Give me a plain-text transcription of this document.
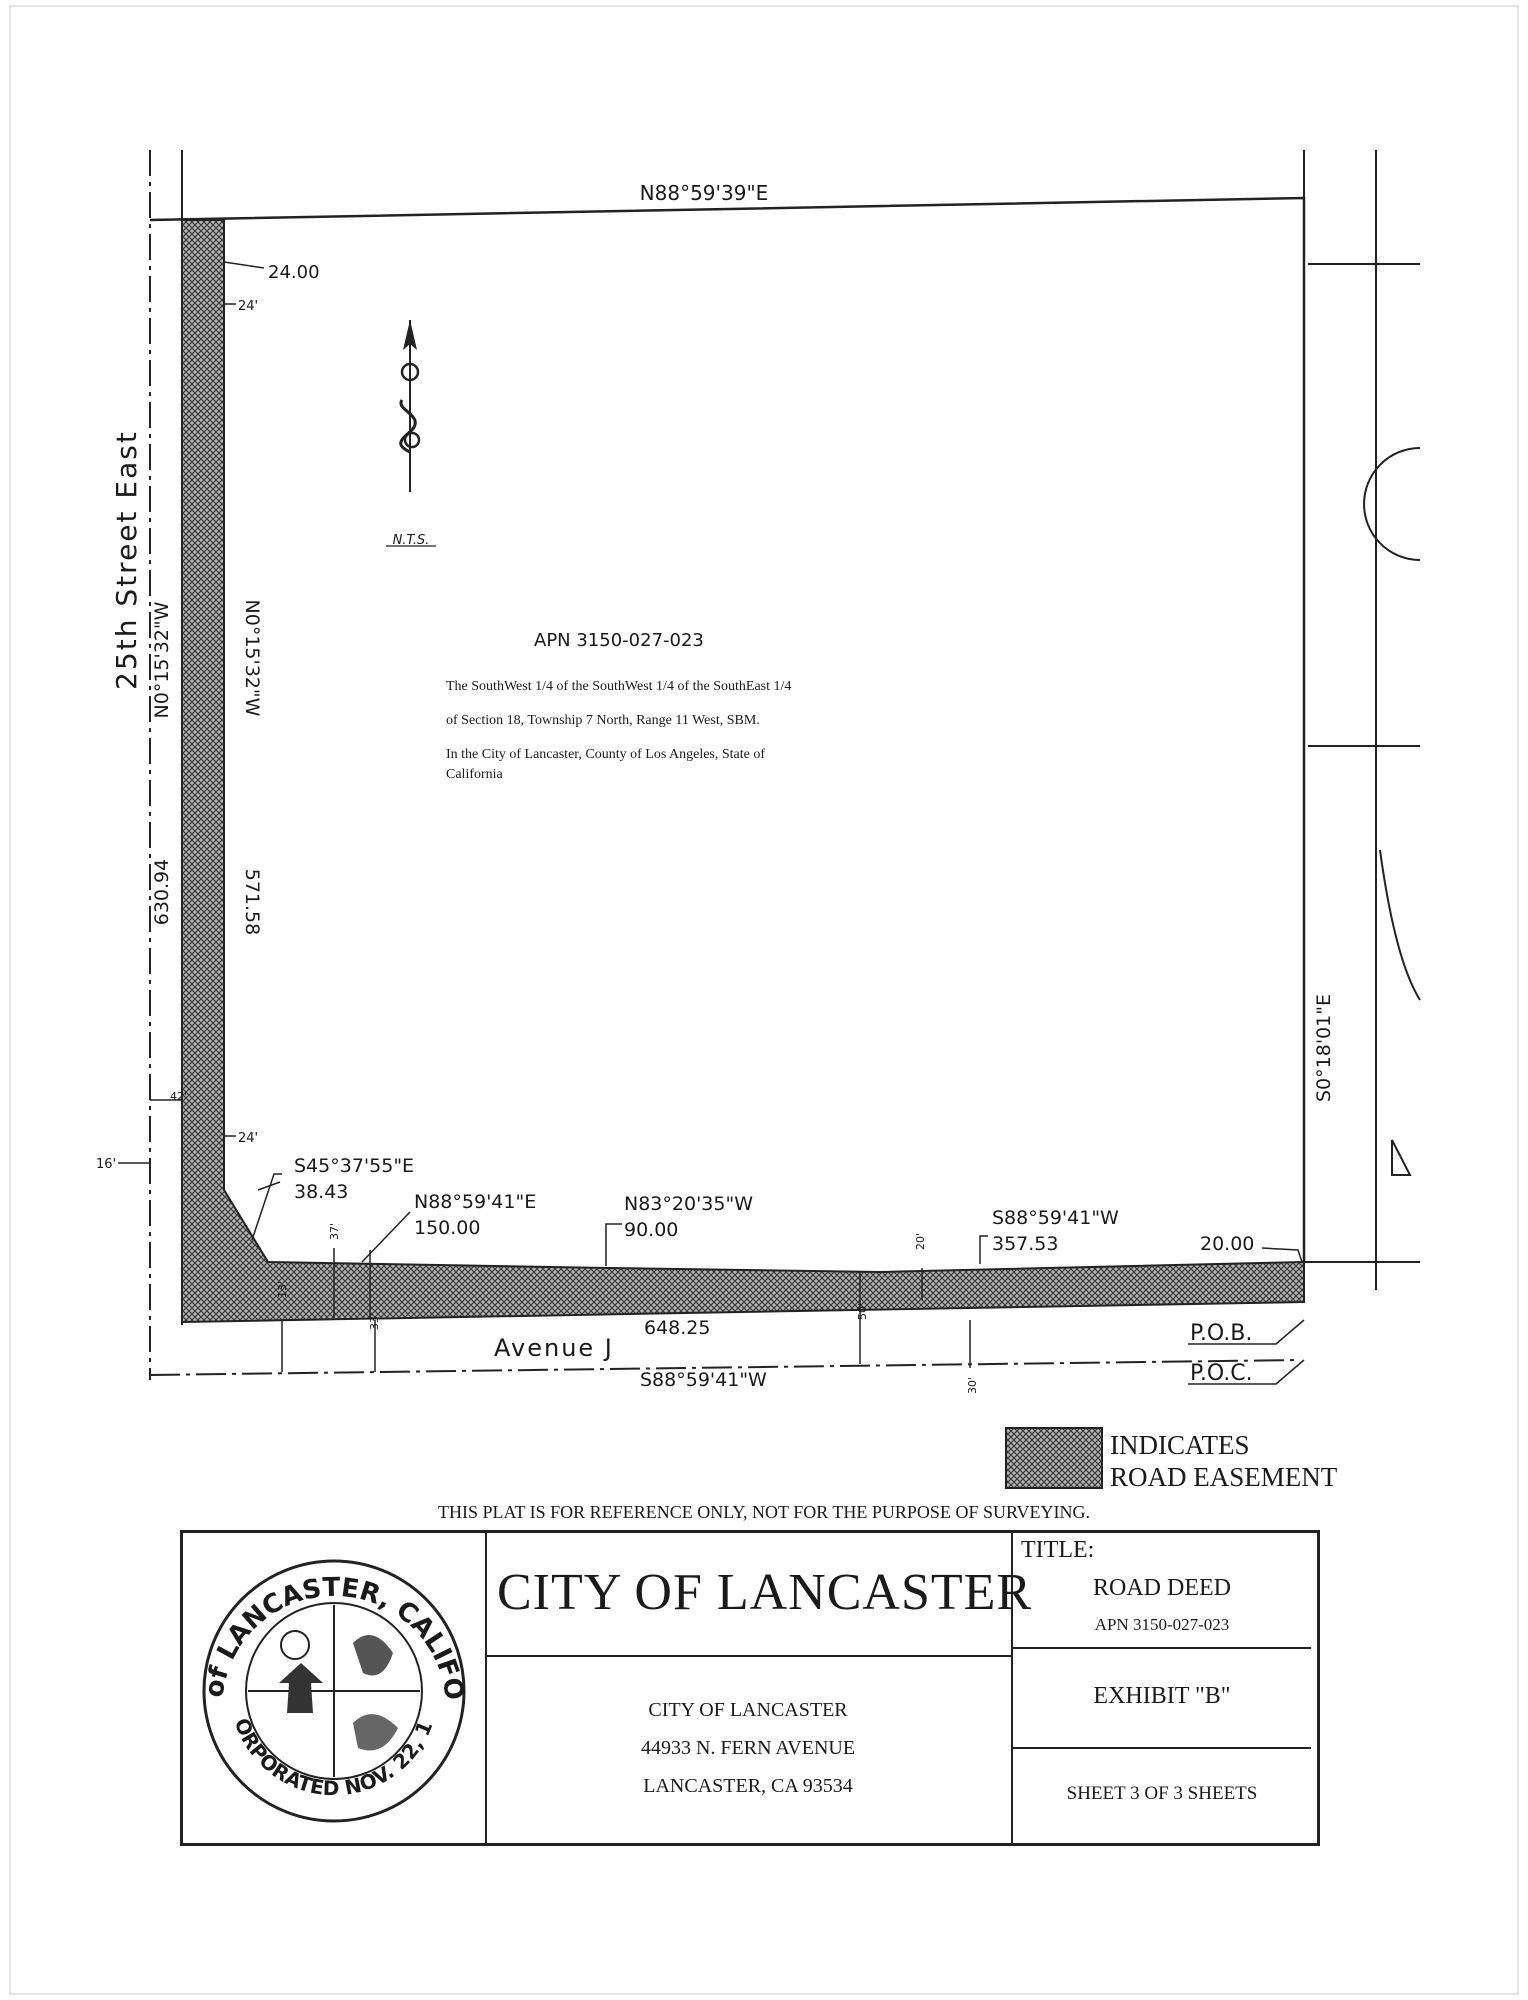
25th Street East N0°15'32"W
630.94
N0°15'32"W
571.58
S0°18'01"E
N88°59'39"E
24.00
24'
24'
42'
16'
N.T.S.
S45°37'55"E
38.43	N88°59'41"E
150.00
N83°20'35"W
90.00
S88°59'41"W
357.53	20.00
37'
13'
33'
20'
50'
30'
Avenue J
648.25
S88°59'41"W
P.O.B.
P.O.C.
APN 3150-027-023
The SouthWest 1/4 of the SouthWest 1/4 of the SouthEast 1/4
of Section 18, Township 7 North, Range 11 West, SBM.
In the City of Lancaster, County of Los Angeles, State of
California
INDICATES
ROAD EASEMENT
THIS PLAT IS FOR REFERENCE ONLY, NOT FOR THE PURPOSE OF SURVEYING.
of LANCASTER, CALIFO
ORPORATED NOV. 22, 1
CITY OF LANCASTER
CITY OF LANCASTER
44933 N. FERN AVENUE
LANCASTER, CA 93534
TITLE:
ROAD DEED
APN 3150-027-023
EXHIBIT "B"
SHEET 3 OF 3 SHEETS
